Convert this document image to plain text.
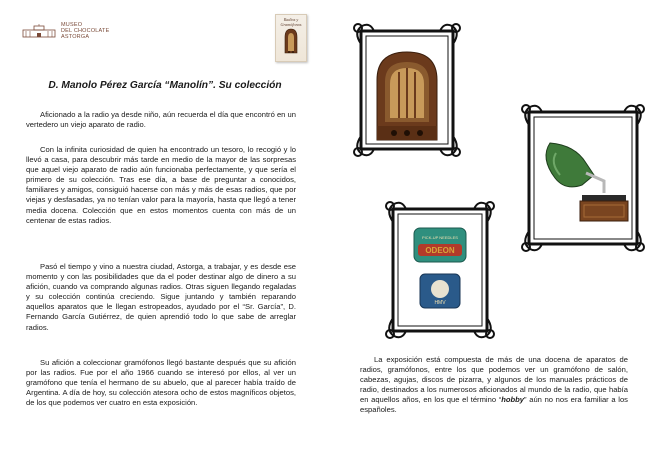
MUSEO
DEL CHOCOLATE
ASTORGA
Radios y Gramófonos
D. Manolo Pérez García “Manolín”. Su colección

Aficionado a la radio ya desde niño, aún recuerda el día que encontró en un vertedero un viejo aparato de radio.

Con la infinita curiosidad de quien ha encontrado un tesoro, lo recogió y lo llevó a casa, para descubrir más tarde en medio de la mayor de las sorpresas que aquel viejo aparato de radio aún funcionaba perfectamente, y que sería el primero de su colección. Tras ese día, a base de preguntar a conocidos, familiares y amigos, consiguió hacerse con más y más de esas radios, que por viejas y desfasadas, ya no tenían valor para la mayoría, hasta que llegó a tener media docena. Colección que en estos momentos cuenta con más de un centenar de estas radios.

Pasó el tiempo y vino a nuestra ciudad, Astorga, a trabajar, y es desde ese momento y con las posibilidades que da el poder destinar algo de dinero a su afición, cuando va comprando algunas radios. Otras siguen llegando regaladas y su colección continúa creciendo. Sigue juntando y también reparando aquellos aparatos que le llegan estropeados, ayudado por el “Sr. García”, D. Fernando García Gutiérrez, de quien aprendió todo lo que sabe de arreglar radios.

Su afición a coleccionar gramófonos llegó bastante después que su afición por las radios. Fue por el año 1966 cuando se interesó por ellos, al ver un gramófono que tenía el hermano de su abuelo, que al parecer había traído de Argentina. A día de hoy, su colección atesora ocho de estos magníficos objetos, de los que podemos ver cuatro en esta exposición.

ODEON
PICK-UP NEEDLES
HMV

La exposición está compuesta de más de una docena de aparatos de radios, gramófonos, entre los que podemos ver un gramófono de salón, cabezas, agujas, discos de pizarra, y algunos de los manuales prácticos de radio, destinados a los numerosos aficionados al mundo de la radio, que había en aquellos años, en los que el término “hobby” aún no nos era familiar a los españoles.
